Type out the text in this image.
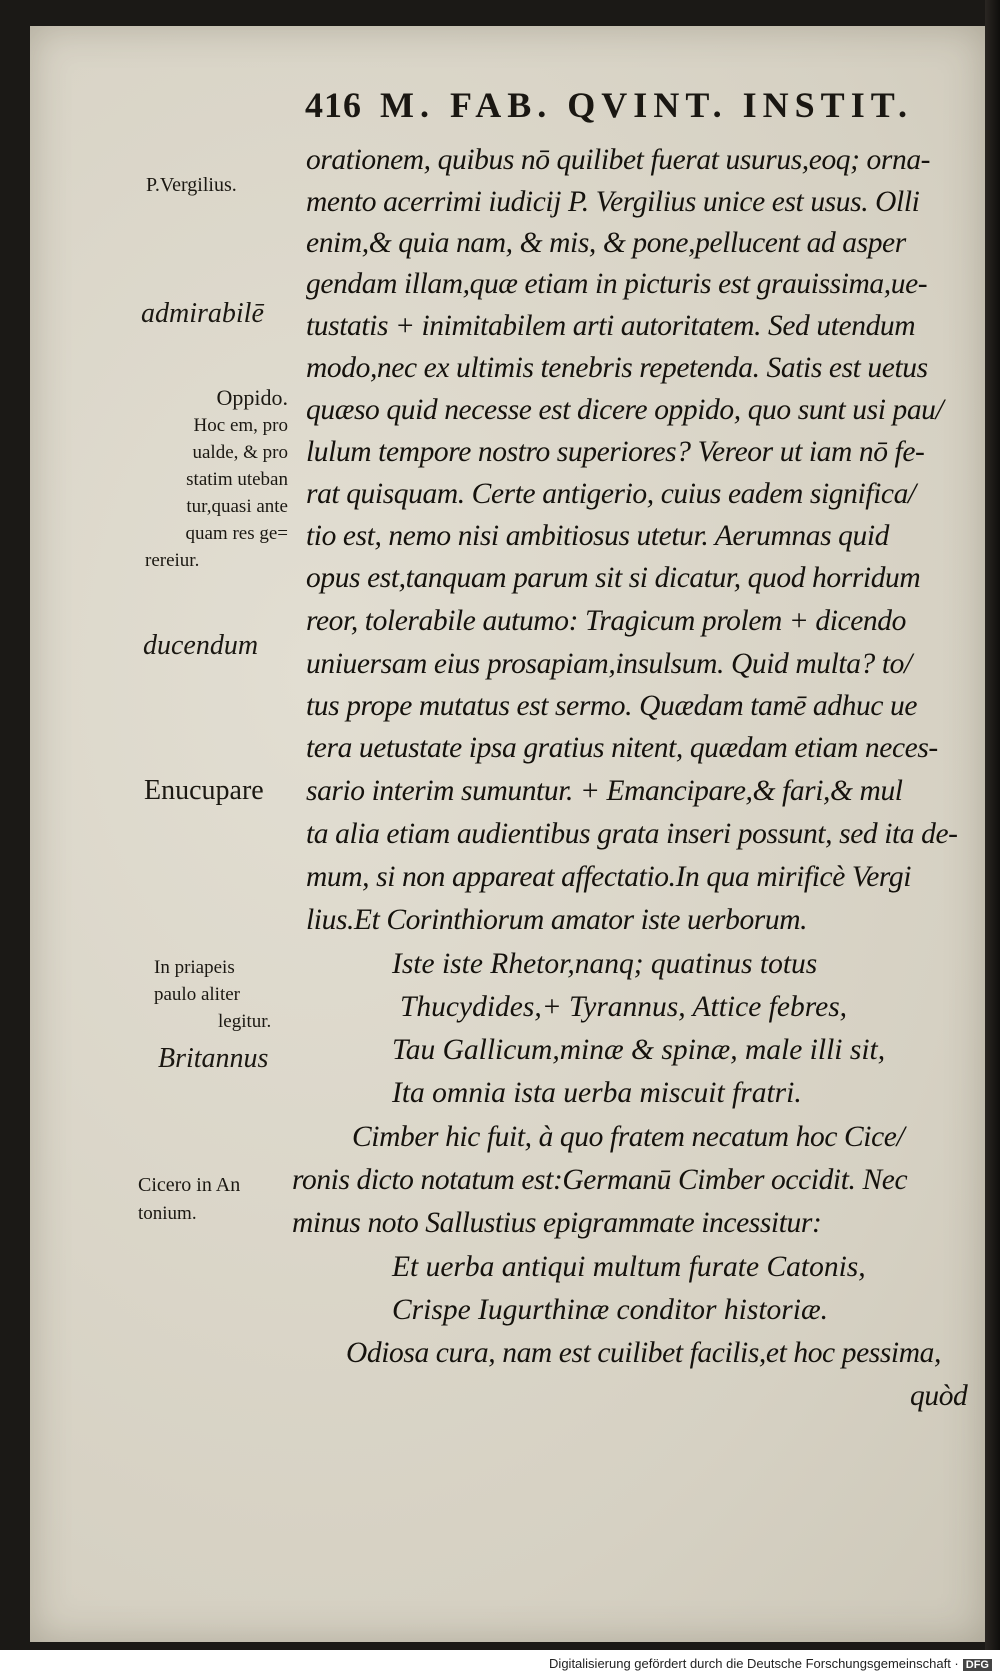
416 M. FAB. QVINT. INSTIT.
P.Vergilius.
admirabilē
Oppido.
Hoc em, pro
ualde, & pro
statim uteban
tur,quasi ante
quam res ge=
rereiur.
ducendum
Enucupare
In priapeis
paulo aliter
legitur.
Britannus
Cicero in An
tonium.
orationem, quibus nō quilibet fuerat usurus,eoq; orna-
mento acerrimi iudicij P. Vergilius unice est usus. Olli
enim,& quia nam, & mis, & pone,pellucent ad asper
gendam illam,quæ etiam in picturis est grauissima,ue-
tustatis + inimitabilem arti autoritatem. Sed utendum
modo,nec ex ultimis tenebris repetenda. Satis est uetus
quæso quid necesse est dicere oppido, quo sunt usi pau/
lulum tempore nostro superiores? Vereor ut iam nō fe-
rat quisquam. Certe antigerio, cuius eadem significa/
tio est, nemo nisi ambitiosus utetur. Aerumnas quid
opus est,tanquam parum sit si dicatur, quod horridum
reor, tolerabile autumo: Tragicum prolem + dicendo
uniuersam eius prosapiam,insulsum. Quid multa? to/
tus prope mutatus est sermo. Quædam tamē adhuc ue
tera uetustate ipsa gratius nitent, quædam etiam neces-
sario interim sumuntur. + Emancipare,& fari,& mul
ta alia etiam audientibus grata inseri possunt, sed ita de-
mum, si non appareat affectatio.In qua mirificè Vergi
lius.Et Corinthiorum amator iste uerborum.
Iste iste Rhetor,nanq; quatinus totus
Thucydides,+ Tyrannus, Attice febres,
Tau Gallicum,minæ & spinæ, male illi sit,
Ita omnia ista uerba miscuit fratri.
Cimber hic fuit, à quo fratem necatum hoc Cice/
ronis dicto notatum est:Germanū Cimber occidit. Nec
minus noto Sallustius epigrammate incessitur:
Et uerba antiqui multum furate Catonis,
Crispe Iugurthinæ conditor historiæ.
Odiosa cura, nam est cuilibet facilis,et hoc pessima,
quòd
Digitalisierung gefördert durch die Deutsche Forschungsgemeinschaft · DFG
